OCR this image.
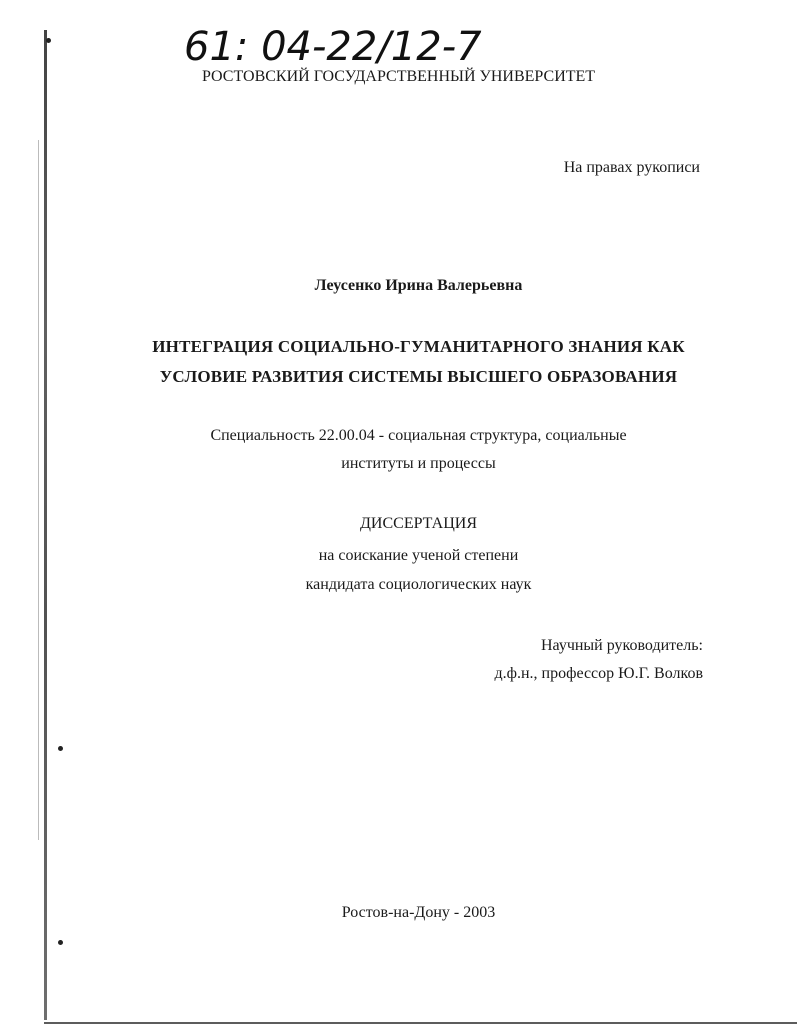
61: 04-22/12-7
РОСТОВСКИЙ ГОСУДАРСТВЕННЫЙ УНИВЕРСИТЕТ
На правах рукописи
Леусенко Ирина Валерьевна
ИНТЕГРАЦИЯ СОЦИАЛЬНО-ГУМАНИТАРНОГО ЗНАНИЯ КАК
УСЛОВИЕ РАЗВИТИЯ СИСТЕМЫ ВЫСШЕГО ОБРАЗОВАНИЯ
Специальность 22.00.04 - социальная структура, социальные
институты и процессы
ДИССЕРТАЦИЯ
на соискание ученой степени
кандидата социологических наук
Научный руководитель:
д.ф.н., профессор Ю.Г. Волков
Ростов-на-Дону - 2003
